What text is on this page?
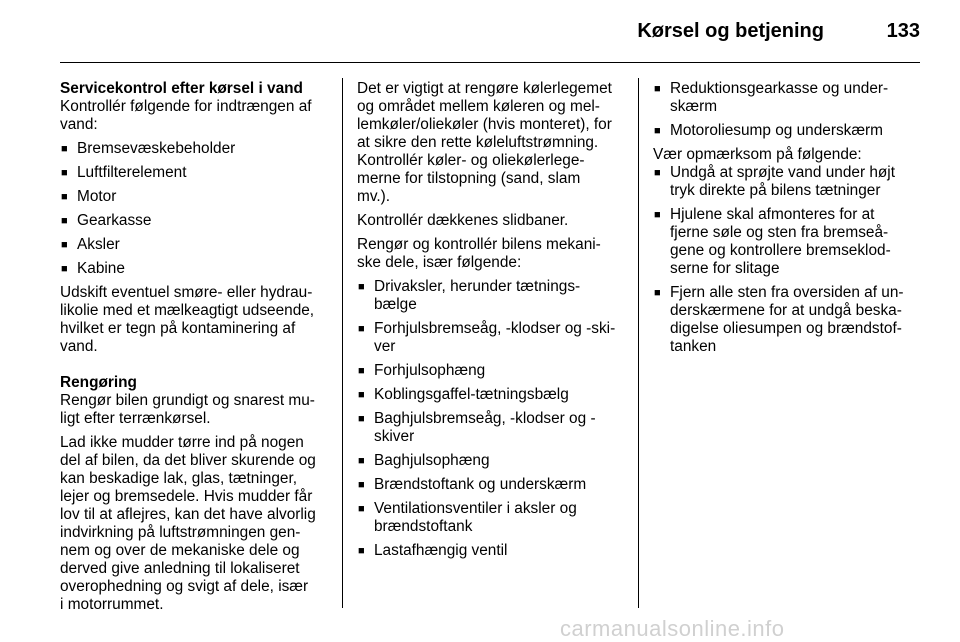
Kørsel og betjening	133

Servicekontrol efter kørsel i vand

Kontrollér følgende for indtrængen af
vand:

■ Bremsevæskebeholder
■ Luftfilterelement
■ Motor
■ Gearkasse
■ Aksler
■ Kabine

Udskift eventuel smøre- eller hydrau-
likolie med et mælkeagtigt udseende,
hvilket er tegn på kontaminering af
vand.

Rengøring

Rengør bilen grundigt og snarest mu-
ligt efter terrænkørsel.

Lad ikke mudder tørre ind på nogen
del af bilen, da det bliver skurende og
kan beskadige lak, glas, tætninger,
lejer og bremsedele. Hvis mudder får
lov til at aflejres, kan det have alvorlig
indvirkning på luftstrømningen gen-
nem og over de mekaniske dele og
derved give anledning til lokaliseret
overophedning og svigt af dele, især
i motorrummet.

Det er vigtigt at rengøre kølerlegemet
og området mellem køleren og mel-
lemkøler/oliekøler (hvis monteret), for
at sikre den rette køleluftstrømning.
Kontrollér køler- og oliekølerlege-
merne for tilstopning (sand, slam
mv.).

Kontrollér dækkenes slidbaner.

Rengør og kontrollér bilens mekani-
ske dele, især følgende:

■ Drivaksler, herunder tætnings-
bælge
■ Forhjulsbremseåg, -klodser og -ski-
ver
■ Forhjulsophæng
■ Koblingsgaffel-tætningsbælg
■ Baghjulsbremseåg, -klodser og -
skiver
■ Baghjulsophæng
■ Brændstoftank og underskærm
■ Ventilationsventiler i aksler og
brændstoftank
■ Lastafhængig ventil
■ Reduktionsgearkasse og under-
skærm
■ Motoroliesump og underskærm

Vær opmærksom på følgende:

■ Undgå at sprøjte vand under højt
tryk direkte på bilens tætninger
■ Hjulene skal afmonteres for at
fjerne søle og sten fra bremseå-
gene og kontrollere bremseklod-
serne for slitage
■ Fjern alle sten fra oversiden af un-
derskærmene for at undgå beska-
digelse oliesumpen og brændstof-
tanken
carmanualsonline.info
